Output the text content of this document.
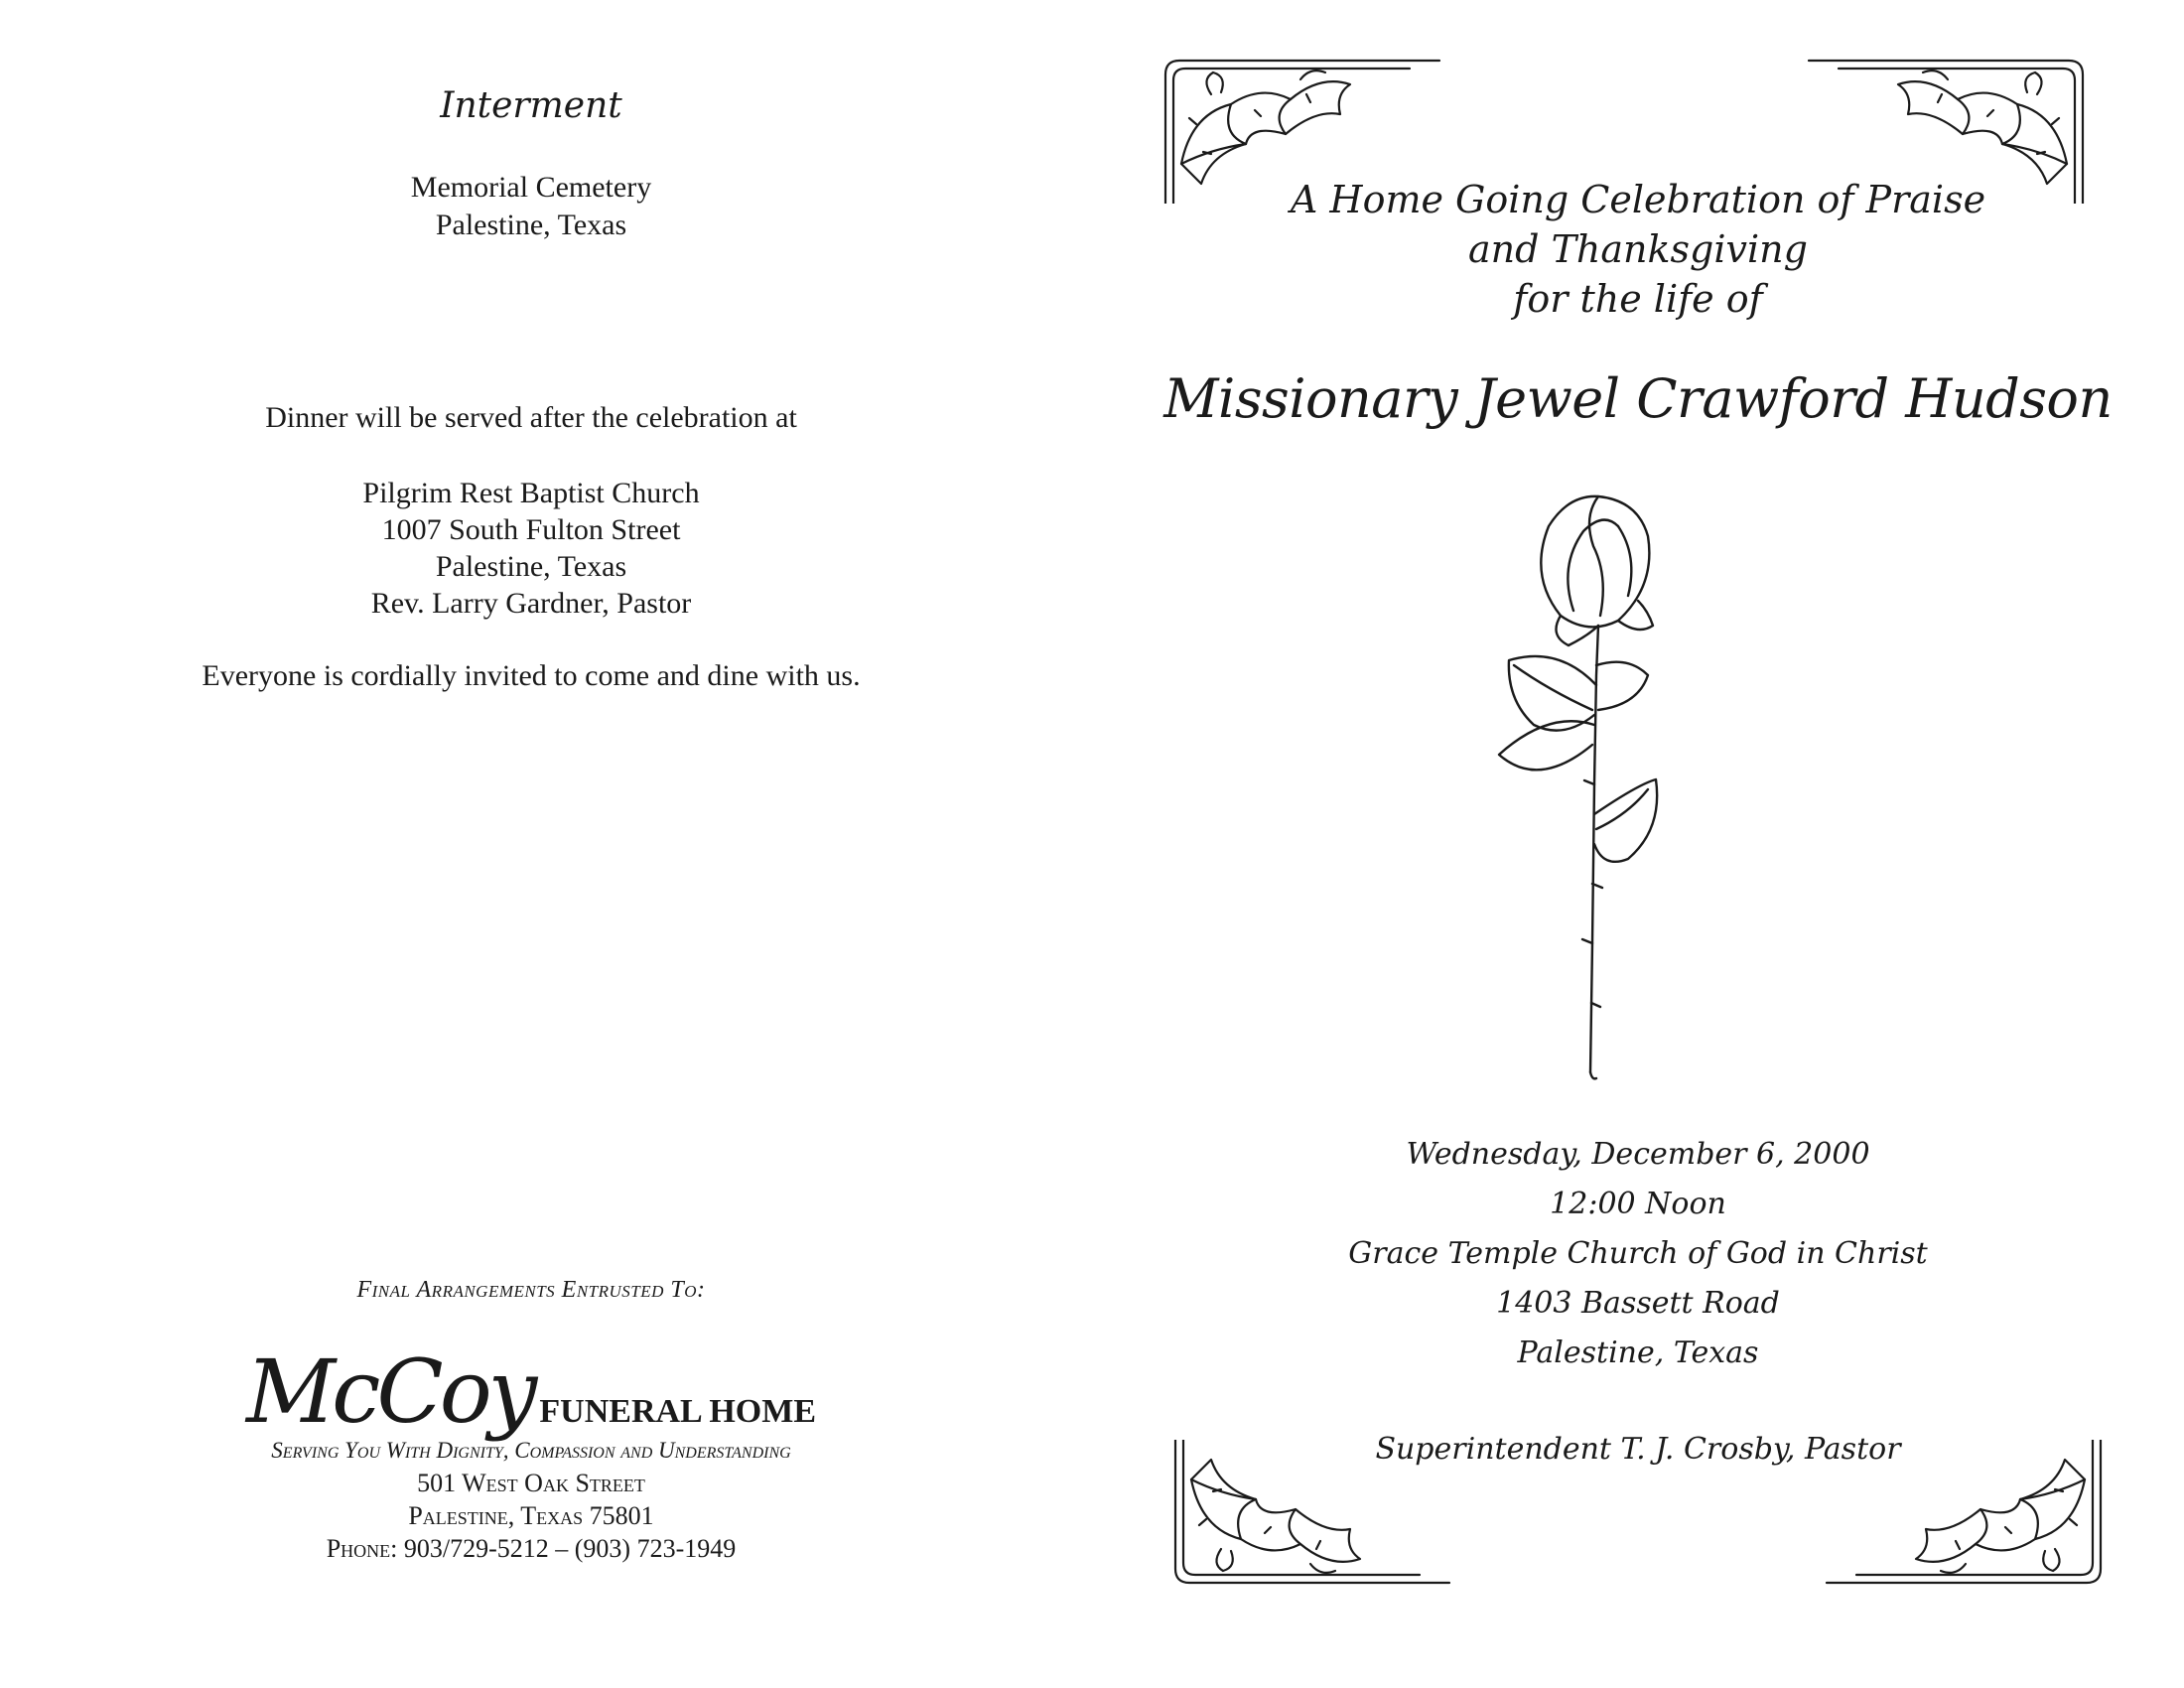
Interment
Memorial Cemetery
Palestine, Texas
Dinner will be served after the celebration at
Pilgrim Rest Baptist Church
1007 South Fulton Street
Palestine, Texas
Rev. Larry Gardner, Pastor
Everyone is cordially invited to come and dine with us.
Final Arrangements Entrusted To:
McCoy FUNERAL HOME
Serving You With Dignity, Compassion and Understanding
501 West Oak Street
Palestine, Texas 75801
Phone: 903/729-5212 – (903) 723-1949
A Home Going Celebration of Praise
and Thanksgiving
for the life of
Missionary Jewel Crawford Hudson
Wednesday, December 6, 2000
12:00 Noon
Grace Temple Church of God in Christ
1403 Bassett Road
Palestine, Texas
Superintendent T. J. Crosby, Pastor
